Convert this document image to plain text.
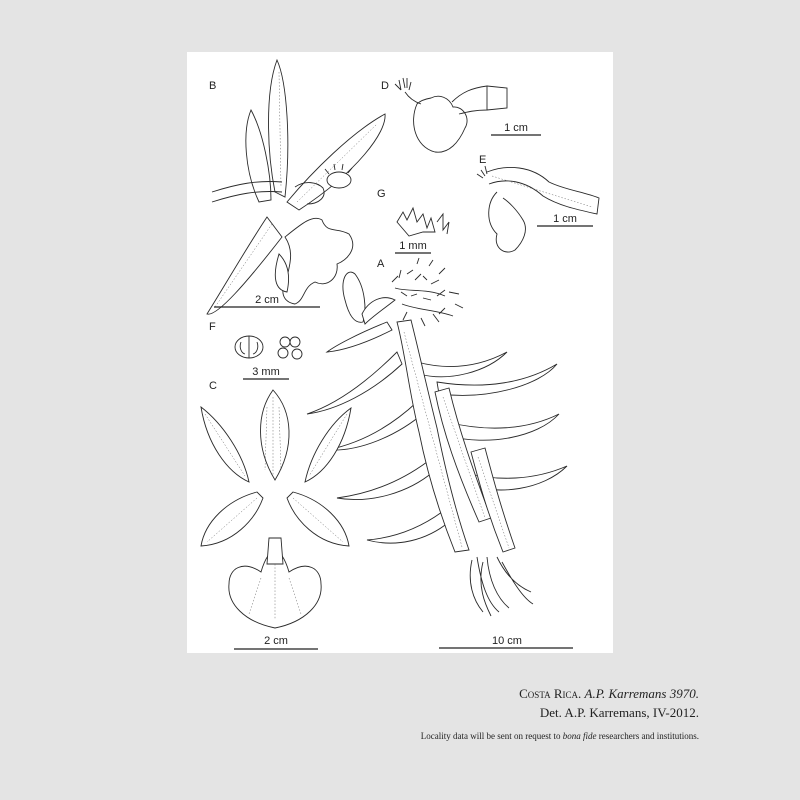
B
2 cm
D
1 cm
E
1 cm
G
1 mm
A
10 cm
F
3 mm
C
2 cm
Costa Rica. A.P. Karremans 3970.
Det. A.P. Karremans, IV-2012.
Locality data will be sent on request to bona fide researchers and institutions.
